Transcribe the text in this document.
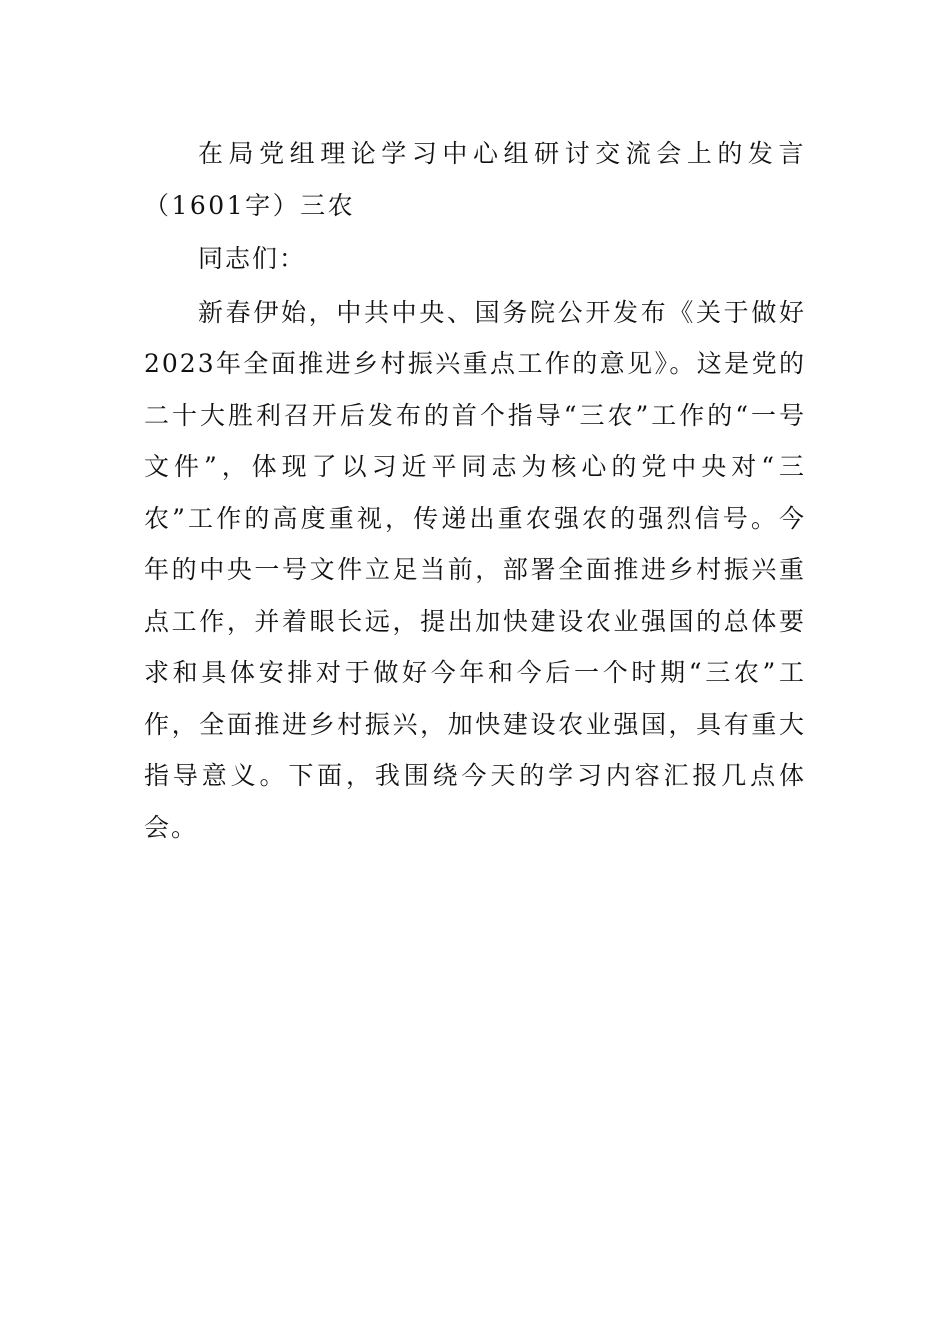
在局党组理论学习中心组研讨交流会上的发言（1601字）三农

同志们：

新春伊始，中共中央、国务院公开发布《关于做好2023年全面推进乡村振兴重点工作的意见》。这是党的二十大胜利召开后发布的首个指导“三农”工作的“一号文件”，体现了以习近平同志为核心的党中央对“三农”工作的高度重视，传递出重农强农的强烈信号。今年的中央一号文件立足当前，部署全面推进乡村振兴重点工作，并着眼长远，提出加快建设农业强国的总体要求和具体安排对于做好今年和今后一个时期“三农”工作，全面推进乡村振兴，加快建设农业强国，具有重大指导意义。下面，我围绕今天的学习内容汇报几点体会。
